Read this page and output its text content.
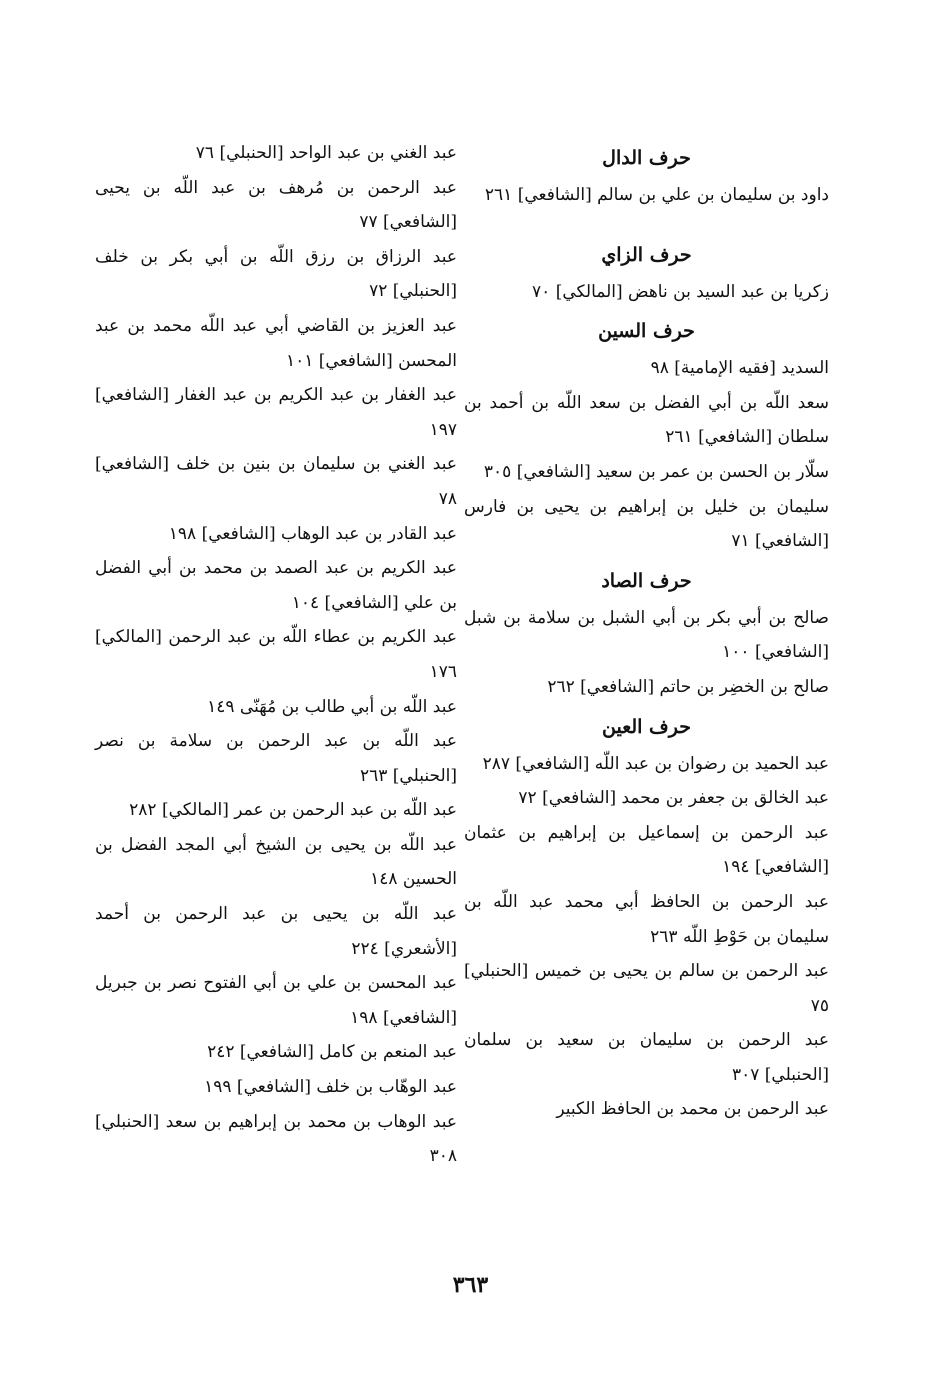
حرف الدال

داود بن سليمان بن علي بن سالم [الشافعي] ٢٦١

حرف الزاي

زكريا بن عبد السيد بن ناهض [المالكي] ٧٠

حرف السين

السديد [فقيه الإمامية] ٩٨

سعد اللّه بن أبي الفضل بن سعد اللّه بن أحمد بن سلطان [الشافعي] ٢٦١

سلّار بن الحسن بن عمر بن سعيد [الشافعي] ٣٠٥

سليمان بن خليل بن إبراهيم بن يحيى بن فارس [الشافعي] ٧١

حرف الصاد

صالح بن أبي بكر بن أبي الشبل بن سلامة بن شبل [الشافعي] ١٠٠

صالح بن الخضِر بن حاتم [الشافعي] ٢٦٢

حرف العين

عبد الحميد بن رضوان بن عبد اللّه [الشافعي] ٢٨٧

عبد الخالق بن جعفر بن محمد [الشافعي] ٧٢

عبد الرحمن بن إسماعيل بن إبراهيم بن عثمان [الشافعي] ١٩٤

عبد الرحمن بن الحافظ أبي محمد عبد اللّه بن سليمان بن حَوْطِ اللّه ٢٦٣

عبد الرحمن بن سالم بن يحيى بن خميس [الحنبلي] ٧٥

عبد الرحمن بن سليمان بن سعيد بن سلمان [الحنبلي] ٣٠٧

عبد الرحمن بن محمد بن الحافظ الكبير

عبد الغني بن عبد الواحد [الحنبلي] ٧٦

عبد الرحمن بن مُرهف بن عبد اللّه بن يحيى [الشافعي] ٧٧

عبد الرزاق بن رزق اللّه بن أبي بكر بن خلف [الحنبلي] ٧٢

عبد العزيز بن القاضي أبي عبد اللّه محمد بن عبد المحسن [الشافعي] ١٠١

عبد الغفار بن عبد الكريم بن عبد الغفار [الشافعي] ١٩٧

عبد الغني بن سليمان بن بنين بن خلف [الشافعي] ٧٨

عبد القادر بن عبد الوهاب [الشافعي] ١٩٨

عبد الكريم بن عبد الصمد بن محمد بن أبي الفضل بن علي [الشافعي] ١٠٤

عبد الكريم بن عطاء اللّه بن عبد الرحمن [المالكي] ١٧٦

عبد اللّه بن أبي طالب بن مُهَنّى ١٤٩

عبد اللّه بن عبد الرحمن بن سلامة بن نصر [الحنبلي] ٢٦٣

عبد اللّه بن عبد الرحمن بن عمر [المالكي] ٢٨٢

عبد اللّه بن يحيى بن الشيخ أبي المجد الفضل بن الحسين ١٤٨

عبد اللّه بن يحيى بن عبد الرحمن بن أحمد [الأشعري] ٢٢٤

عبد المحسن بن علي بن أبي الفتوح نصر بن جبريل [الشافعي] ١٩٨

عبد المنعم بن كامل [الشافعي] ٢٤٢

عبد الوهّاب بن خلف [الشافعي] ١٩٩

عبد الوهاب بن محمد بن إبراهيم بن سعد [الحنبلي] ٣٠٨

٣٦٣
